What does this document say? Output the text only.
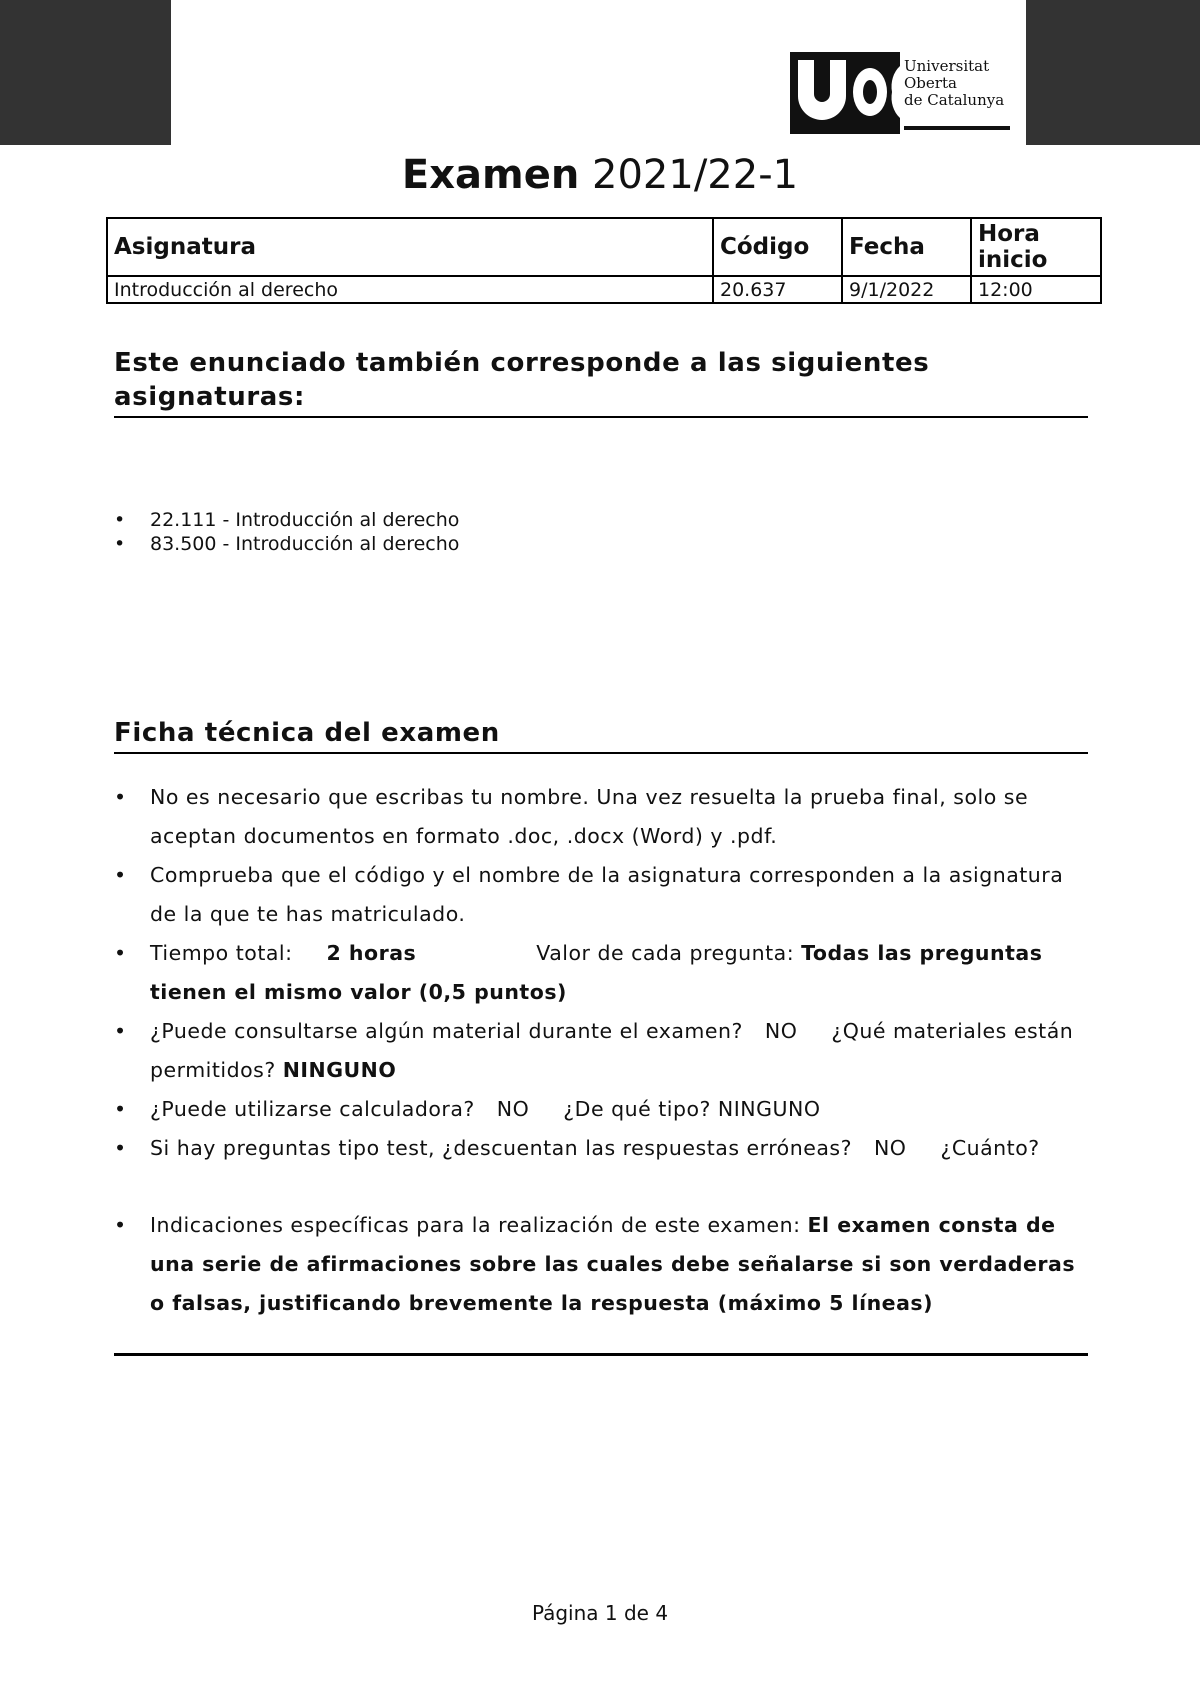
Universitat
Oberta
de Catalunya
Examen 2021/22-1
Asignatura	Código	Fecha	Hora inicio
Introducción al derecho	20.637	9/1/2022	12:00
Este enunciado también corresponde a las siguientes asignaturas:
• 22.111 - Introducción al derecho
• 83.500 - Introducción al derecho
Ficha técnica del examen
• No es necesario que escribas tu nombre. Una vez resuelta la prueba final, solo se aceptan documentos en formato .doc, .docx (Word) y .pdf.
• Comprueba que el código y el nombre de la asignatura corresponden a la asignatura de la que te has matriculado.
• Tiempo total: 2 horas	Valor de cada pregunta: Todas las preguntas tienen el mismo valor (0,5 puntos)
• ¿Puede consultarse algún material durante el examen? NO ¿Qué materiales están permitidos? NINGUNO
• ¿Puede utilizarse calculadora? NO ¿De qué tipo? NINGUNO
• Si hay preguntas tipo test, ¿descuentan las respuestas erróneas? NO ¿Cuánto?
• Indicaciones específicas para la realización de este examen: El examen consta de una serie de afirmaciones sobre las cuales debe señalarse si son verdaderas o falsas, justificando brevemente la respuesta (máximo 5 líneas)
Página 1 de 4
